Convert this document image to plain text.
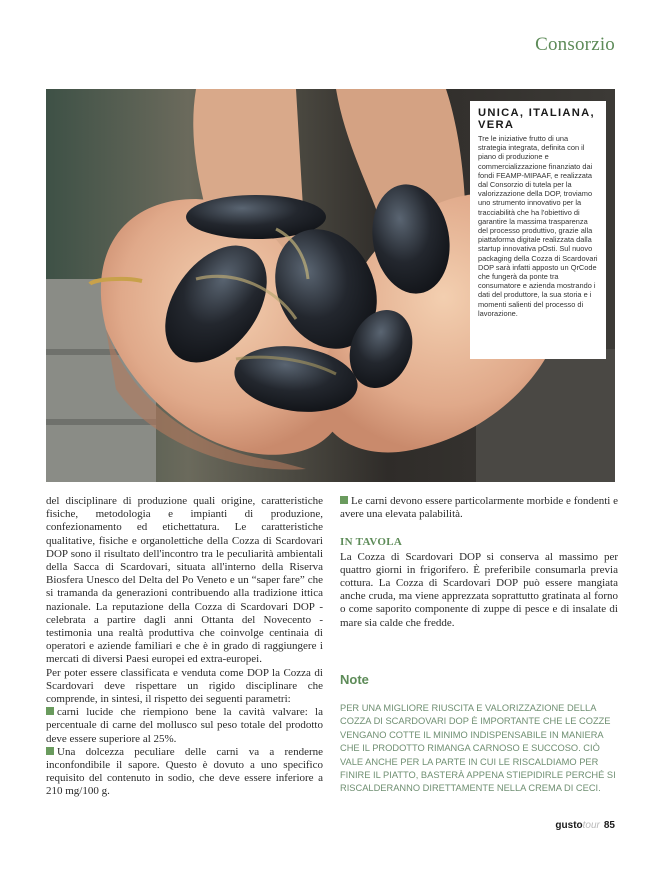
Consorzio

UNICA, ITALIANA, VERA

Tre le iniziative frutto di una strategia integrata, definita con il piano di produzione e commercializzazione finanziato dai fondi FEAMP-MIPAAF, e realizzata dal Consorzio di tutela per la valorizzazione della DOP, troviamo uno strumento innovativo per la tracciabilità che ha l'obiettivo di garantire la massima trasparenza del processo produttivo, grazie alla piattaforma digitale realizzata dalla startup innovativa pOsti. Sul nuovo packaging della Cozza di Scardovari DOP sarà infatti apposto un QrCode che fungerà da ponte tra consumatore e azienda mostrando i dati del produttore, la sua storia e i momenti salienti del processo di lavorazione.

del disciplinare di produzione quali origine, caratteristiche fisiche, metodologia e impianti di produzione, confezionamento ed etichettatura. Le caratteristiche qualitative, fisiche e organolettiche della Cozza di Scardovari DOP sono il risultato dell'incontro tra le peculiarità ambientali della Sacca di Scardovari, situata all'interno della Riserva Biosfera Unesco del Delta del Po Veneto e un “saper fare” che si tramanda da generazioni contribuendo alla tradizione ittica nazionale. La reputazione della Cozza di Scardovari DOP - celebrata a partire dagli anni Ottanta del Novecento - testimonia una realtà produttiva che coinvolge centinaia di operatori e aziende familiari e che è in grado di raggiungere i mercati di diversi Paesi europei ed extra-europei.

Per poter essere classificata e venduta come DOP la Cozza di Scardovari deve rispettare un rigido disciplinare che comprende, in sintesi, il rispetto dei seguenti parametri:

carni lucide che riempiono bene la cavità valvare: la percentuale di carne del mollusco sul peso totale del prodotto deve essere superiore al 25%.

Una dolcezza peculiare delle carni va a renderne inconfondibile il sapore. Questo è dovuto a uno specifico requisito del contenuto in sodio, che deve essere inferiore a 210 mg/100 g.

Le carni devono essere particolarmente morbide e fondenti e avere una elevata palabilità.

IN TAVOLA

La Cozza di Scardovari DOP si conserva al massimo per quattro giorni in frigorifero. È preferibile consumarla previa cottura. La Cozza di Scardovari DOP può essere mangiata anche cruda, ma viene apprezzata soprattutto gratinata al forno o come saporito componente di zuppe di pesce e di insalate di mare sia calde che fredde.

Note

PER UNA MIGLIORE RIUSCITA E VALORIZZAZIONE DELLA COZZA DI SCARDOVARI DOP È IMPORTANTE CHE LE COZZE VENGANO COTTE IL MINIMO INDISPENSABILE IN MANIERA CHE IL PRODOTTO RIMANGA CARNOSO E SUCCOSO. CIÒ VALE ANCHE PER LA PARTE IN CUI LE RISCALDIAMO PER FINIRE IL PIATTO, BASTERÀ APPENA STIEPIDIRLE PERCHÉ SI RISCALDERANNO DIRETTAMENTE NELLA CREMA DI CECI.

gustotour 85
